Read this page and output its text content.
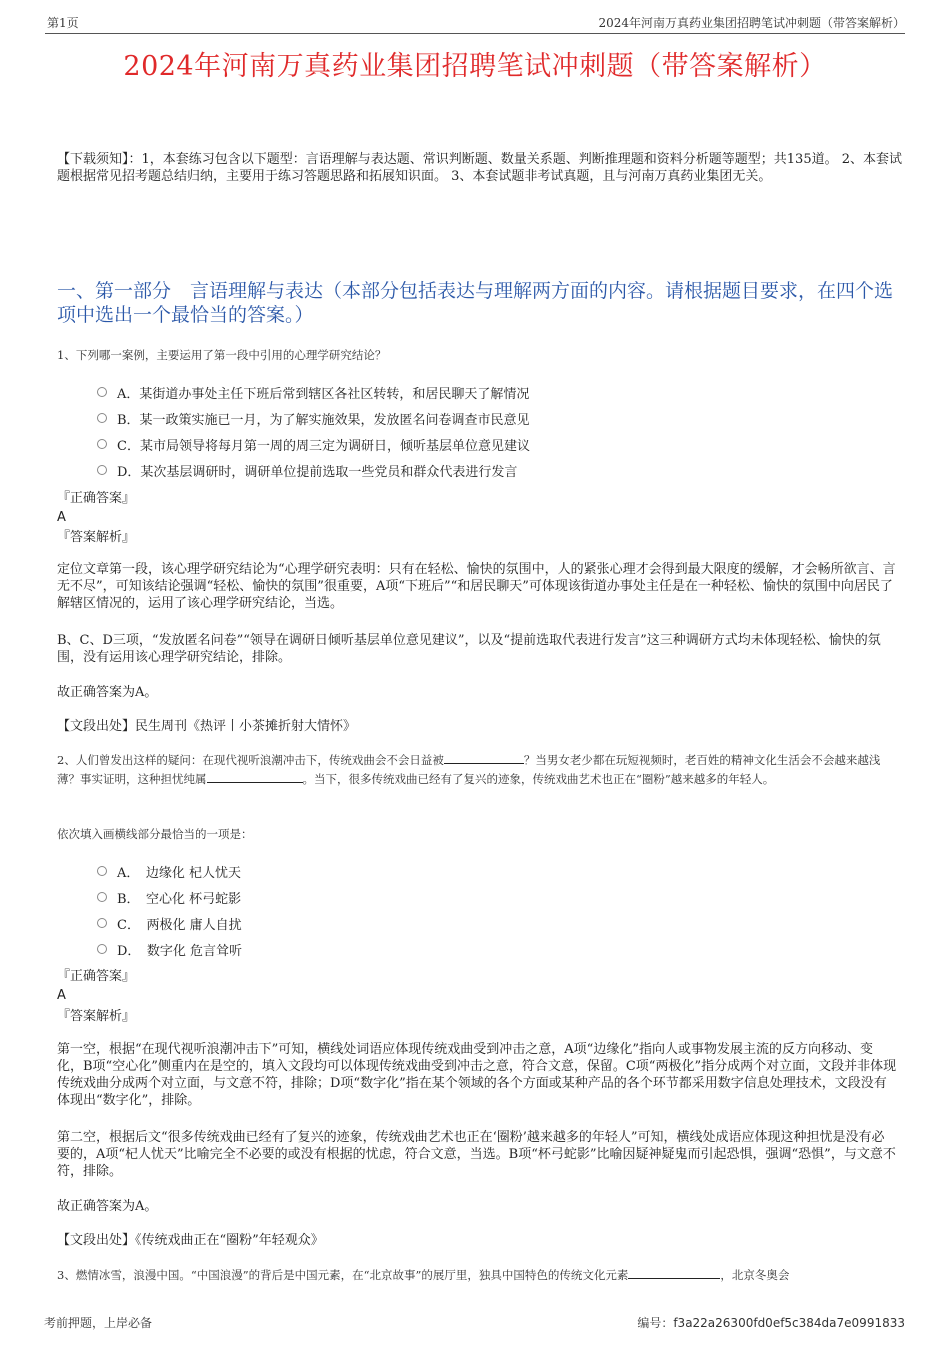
第1页	2024年河南万真药业集团招聘笔试冲刺题（带答案解析）
2024年河南万真药业集团招聘笔试冲刺题（带答案解析）
【下载须知】：1，本套练习包含以下题型：言语理解与表达题、常识判断题、数量关系题、判断推理题和资料分析题等题型；共135道。 2、本套试题根据常见招考题总结归纳，主要用于练习答题思路和拓展知识面。 3、本套试题非考试真题，且与河南万真药业集团无关。
一、第一部分　言语理解与表达（本部分包括表达与理解两方面的内容。请根据题目要求，在四个选项中选出一个最恰当的答案。）
1、下列哪一案例，主要运用了第一段中引用的心理学研究结论？
A．某街道办事处主任下班后常到辖区各社区转转，和居民聊天了解情况
B．某一政策实施已一月，为了解实施效果，发放匿名问卷调查市民意见
C．某市局领导将每月第一周的周三定为调研日，倾听基层单位意见建议
D．某次基层调研时，调研单位提前选取一些党员和群众代表进行发言
『正确答案』
A
『答案解析』
定位文章第一段，该心理学研究结论为“心理学研究表明：只有在轻松、愉快的氛围中，人的紧张心理才会得到最大限度的缓解，才会畅所欲言、言无不尽”，可知该结论强调“轻松、愉快的氛围”很重要，A项“下班后”“和居民聊天”可体现该街道办事处主任是在一种轻松、愉快的氛围中向居民了解辖区情况的，运用了该心理学研究结论，当选。
B、C、D三项，“发放匿名问卷”“领导在调研日倾听基层单位意见建议”，以及“提前选取代表进行发言”这三种调研方式均未体现轻松、愉快的氛围，没有运用该心理学研究结论，排除。
故正确答案为A。
【文段出处】民生周刊《热评丨小茶摊折射大情怀》
2、人们曾发出这样的疑问：在现代视听浪潮冲击下，传统戏曲会不会日益被	？当男女老少都在玩短视频时，老百姓的精神文化生活会不会越来越浅薄？事实证明，这种担忧纯属	。当下，很多传统戏曲已经有了复兴的迹象，传统戏曲艺术也正在“圈粉”越来越多的年轻人。
依次填入画横线部分最恰当的一项是：
A．　边缘化 杞人忧天
B．　空心化 杯弓蛇影
C．　两极化 庸人自扰
D．　数字化 危言耸听
『正确答案』
A
『答案解析』
第一空，根据“在现代视听浪潮冲击下”可知，横线处词语应体现传统戏曲受到冲击之意，A项“边缘化”指向人或事物发展主流的反方向移动、变化，B项“空心化”侧重内在是空的，填入文段均可以体现传统戏曲受到冲击之意，符合文意，保留。C项“两极化”指分成两个对立面，文段并非体现传统戏曲分成两个对立面，与文意不符，排除；D项“数字化”指在某个领域的各个方面或某种产品的各个环节都采用数字信息处理技术，文段没有体现出“数字化”，排除。
第二空，根据后文“很多传统戏曲已经有了复兴的迹象，传统戏曲艺术也正在‘圈粉’越来越多的年轻人”可知，横线处成语应体现这种担忧是没有必要的，A项“杞人忧天”比喻完全不必要的或没有根据的忧虑，符合文意，当选。B项“杯弓蛇影”比喻因疑神疑鬼而引起恐惧，强调“恐惧”，与文意不符，排除。
故正确答案为A。
【文段出处】《传统戏曲正在“圈粉”年轻观众》
3、燃情冰雪，浪漫中国。“中国浪漫”的背后是中国元素，在“北京故事”的展厅里，独具中国特色的传统文化元素	，北京冬奥会
考前押题，上岸必备	编号：f3a22a26300fd0ef5c384da7e0991833
